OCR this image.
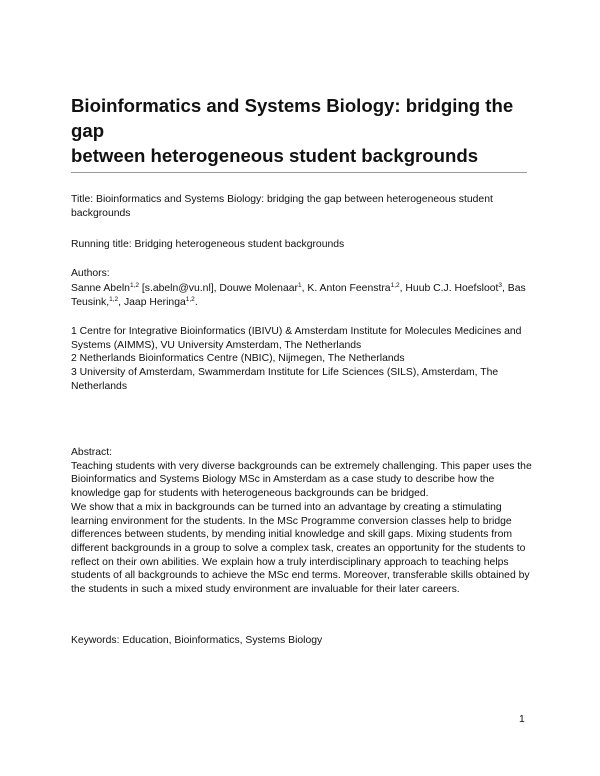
Bioinformatics and Systems Biology: bridging the gap
between heterogeneous student backgrounds

Title: Bioinformatics and Systems Biology: bridging the gap between heterogeneous student backgrounds

Running title: Bridging heterogeneous student backgrounds

Authors:

Sanne Abeln$^{1,2}$ [s.abeln@vu.nl], Douwe Molenaar$^1$, K. Anton Feenstra$^{1,2}$, Huub C.J. Hoefsloot$^3$, Bas Teusink,$^{1,2}$, Jaap Heringa$^{1,2}$.

1 Centre for Integrative Bioinformatics (IBIVU) & Amsterdam Institute for Molecules Medicines and Systems (AIMMS), VU University Amsterdam, The Netherlands

2 Netherlands Bioinformatics Centre (NBIC), Nijmegen, The Netherlands

3 University of Amsterdam, Swammerdam Institute for Life Sciences (SILS), Amsterdam, The Netherlands

Abstract:

Teaching students with very diverse backgrounds can be extremely challenging. This paper uses the Bioinformatics and Systems Biology MSc in Amsterdam as a case study to describe how the knowledge gap for students with heterogeneous backgrounds can be bridged.

We show that a mix in backgrounds can be turned into an advantage by creating a stimulating learning environment for the students. In the MSc Programme conversion classes help to bridge differences between students, by mending initial knowledge and skill gaps. Mixing students from different backgrounds in a group to solve a complex task, creates an opportunity for the students to reflect on their own abilities. We explain how a truly interdisciplinary approach to teaching helps students of all backgrounds to achieve the MSc end terms. Moreover, transferable skills obtained by the students in such a mixed study environment are invaluable for their later careers.

Keywords: Education, Bioinformatics, Systems Biology

1
